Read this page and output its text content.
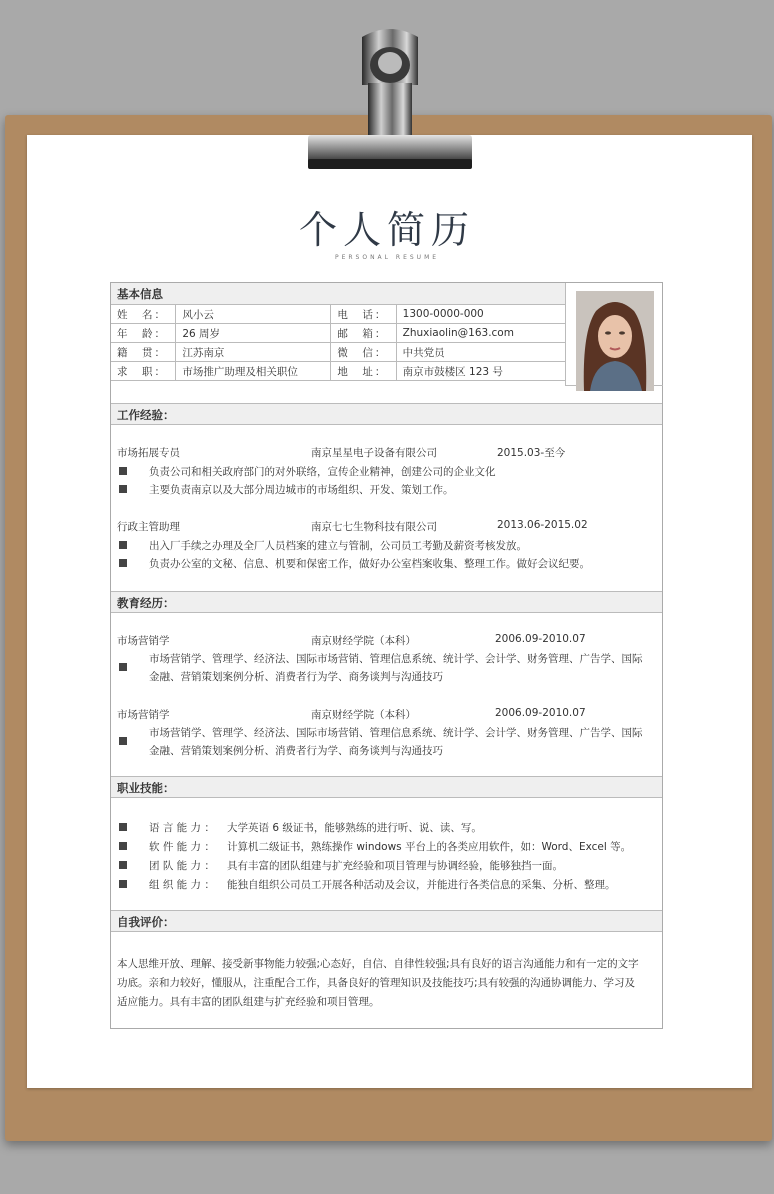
个人简历
PERSONAL RESUME
基本信息
姓　名：	风小云	电　话：	1300-0000-000
年　龄：	26 周岁	邮　箱：	Zhuxiaolin@163.com
籍　贯：	江苏南京	微　信：	中共党员
求　职：	市场推广助理及相关职位	地　址：	南京市鼓楼区 123 号
工作经验：
市场拓展专员	南京星星电子设备有限公司	2015.03-至今
负责公司和相关政府部门的对外联络，宣传企业精神，创建公司的企业文化
主要负责南京以及大部分周边城市的市场组织、开发、策划工作。
行政主管助理	南京七七生物科技有限公司	2013.06-2015.02
出入厂手续之办理及全厂人员档案的建立与管制，公司员工考勤及薪资考核发放。
负责办公室的文秘、信息、机要和保密工作，做好办公室档案收集、整理工作。做好会议纪要。
教育经历：
市场营销学	南京财经学院（本科）	2006.09-2010.07
市场营销学、管理学、经济法、国际市场营销、管理信息系统、统计学、会计学、财务管理、广告学、国际
金融、营销策划案例分析、消费者行为学、商务谈判与沟通技巧
市场营销学	南京财经学院（本科）	2006.09-2010.07
市场营销学、管理学、经济法、国际市场营销、管理信息系统、统计学、会计学、财务管理、广告学、国际
金融、营销策划案例分析、消费者行为学、商务谈判与沟通技巧
职业技能：
语 言 能 力 ： 大学英语 6 级证书，能够熟练的进行听、说、读、写。
软 件 能 力 ： 计算机二级证书，熟练操作 windows 平台上的各类应用软件，如：Word、Excel 等。
团 队 能 力 ： 具有丰富的团队组建与扩充经验和项目管理与协调经验，能够独挡一面。
组 织 能 力 ： 能独自组织公司员工开展各种活动及会议，并能进行各类信息的采集、分析、整理。
自我评价：
本人思维开放、理解、接受新事物能力较强;心态好，自信、自律性较强;具有良好的语言沟通能力和有一定的文字
功底。亲和力较好，懂服从，注重配合工作，具备良好的管理知识及技能技巧;具有较强的沟通协调能力、学习及
适应能力。具有丰富的团队组建与扩充经验和项目管理。
